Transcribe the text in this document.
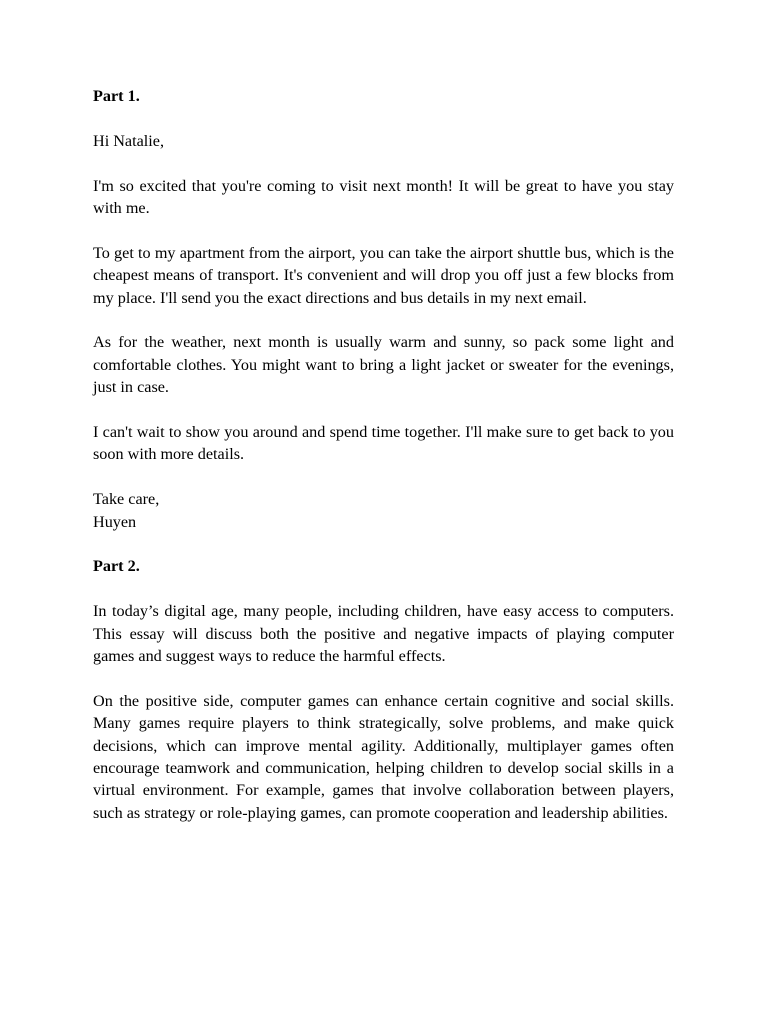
Part 1.

Hi Natalie,

I'm so excited that you're coming to visit next month! It will be great to have you stay with me.

To get to my apartment from the airport, you can take the airport shuttle bus, which is the cheapest means of transport. It's convenient and will drop you off just a few blocks from my place. I'll send you the exact directions and bus details in my next email.

As for the weather, next month is usually warm and sunny, so pack some light and comfortable clothes. You might want to bring a light jacket or sweater for the evenings, just in case.

I can't wait to show you around and spend time together. I'll make sure to get back to you soon with more details.

Take care,
Huyen

Part 2.

In today’s digital age, many people, including children, have easy access to computers. This essay will discuss both the positive and negative impacts of playing computer games and suggest ways to reduce the harmful effects.

On the positive side, computer games can enhance certain cognitive and social skills. Many games require players to think strategically, solve problems, and make quick decisions, which can improve mental agility. Additionally, multiplayer games often encourage teamwork and communication, helping children to develop social skills in a virtual environment. For example, games that involve collaboration between players, such as strategy or role-playing games, can promote cooperation and leadership abilities.
